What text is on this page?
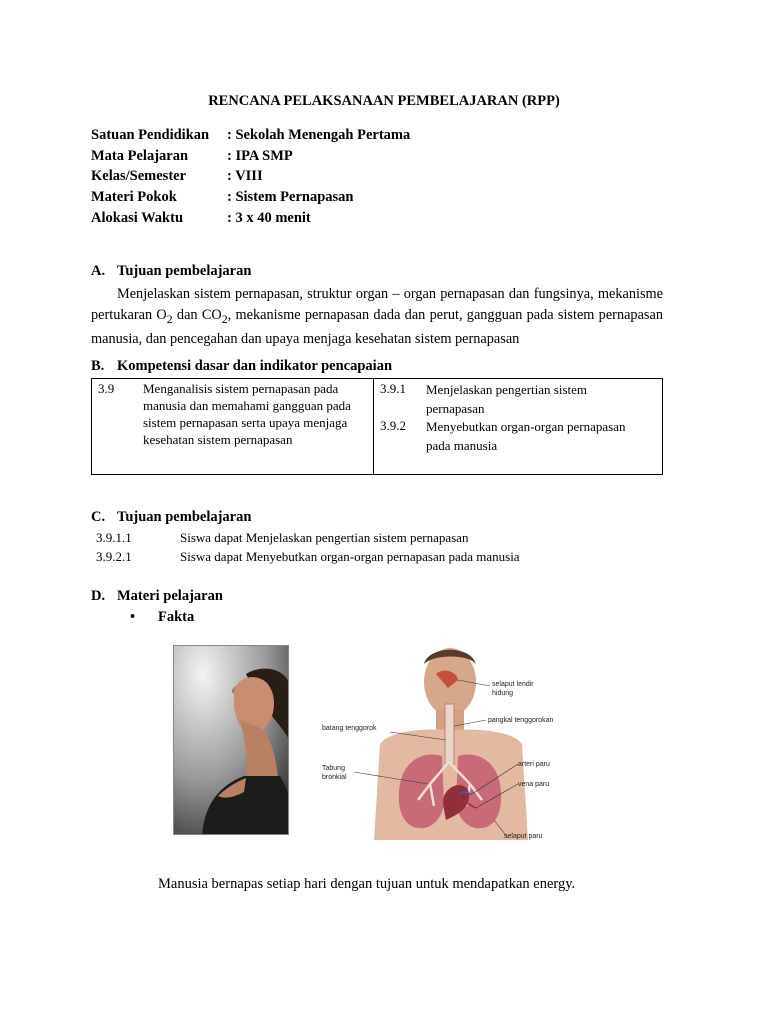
RENCANA PELAKSANAAN PEMBELAJARAN (RPP)
Satuan Pendidikan : Sekolah Menengah Pertama
Mata Pelajaran	: IPA SMP
Kelas/Semester	: VIII
Materi Pokok	: Sistem Pernapasan
Alokasi Waktu	: 3 x 40 menit
A. Tujuan pembelajaran
Menjelaskan sistem pernapasan, struktur organ – organ pernapasan dan fungsinya, mekanisme pertukaran $O_2$ dan $CO_2$, mekanisme pernapasan dada dan perut, gangguan pada sistem pernapasan manusia, dan pencegahan dan upaya menjaga kesehatan sistem pernapasan
B. Kompetensi dasar dan indikator pencapaian
3.9 Menganalisis sistem pernapasan pada
manusia dan memahami gangguan pada
sistem pernapasan serta upaya menjaga
kesehatan sistem pernapasan
3.9.1 Menjelaskan pengertian sistem
pernapasan
3.9.2 Menyebutkan organ-organ pernapasan
pada manusia
C. Tujuan pembelajaran
3.9.1.1	Siswa dapat Menjelaskan pengertian sistem pernapasan
3.9.2.1	Siswa dapat Menyebutkan organ-organ pernapasan pada manusia
D. Materi pelajaran
• Fakta
selaput lendir
hidung
pangkal tenggorokan
batang tenggorok
Tabung
bronkial
arteri paru
vena paru
selaput paru
Manusia bernapas setiap hari dengan tujuan untuk mendapatkan energy.
